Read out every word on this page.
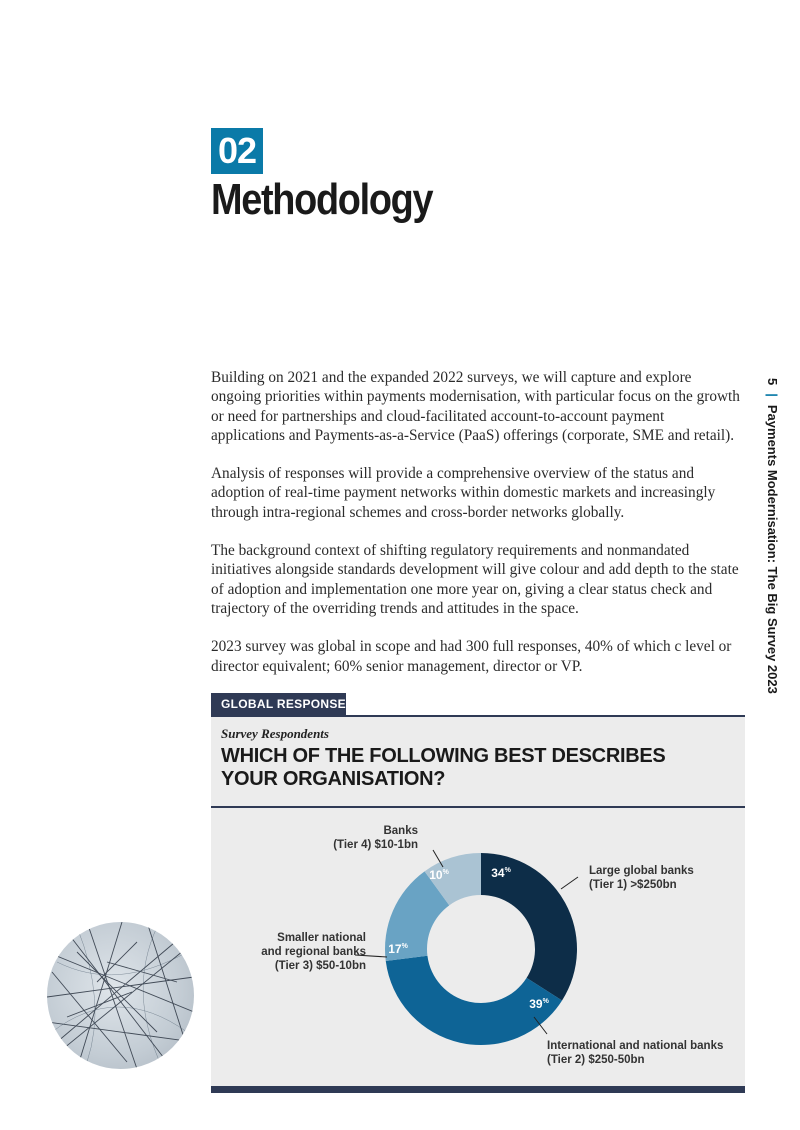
02
Methodology

Building on 2021 and the expanded 2022 surveys, we will capture and explore ongoing priorities within payments modernisation, with particular focus on the growth or need for partnerships and cloud-facilitated account-to-account payment applications and Payments-as-a-Service (PaaS) offerings (corporate, SME and retail).

Analysis of responses will provide a comprehensive overview of the status and adoption of real-time payment networks within domestic markets and increasingly through intra-regional schemes and cross-border networks globally.

The background context of shifting regulatory requirements and nonmandated initiatives alongside standards development will give colour and add depth to the state of adoption and implementation one more year on, giving a clear status check and trajectory of the overriding trends and attitudes in the space.

2023 survey was global in scope and had 300 full responses, 40% of which c level or director equivalent; 60% senior management, director or VP.

5|Payments Modernisation: The Big Survey 2023
GLOBAL RESPONSE
Survey Respondents
WHICH OF THE FOLLOWING BEST DESCRIBES YOUR ORGANISATION?
34%	Large global banks (Tier 1) >$250bn
39%
International and national banks (Tier 2) $250-50bn
17%
Smaller national and regional banks (Tier 3) $50-10bn
10%
Banks (Tier 4) $10-1bn
